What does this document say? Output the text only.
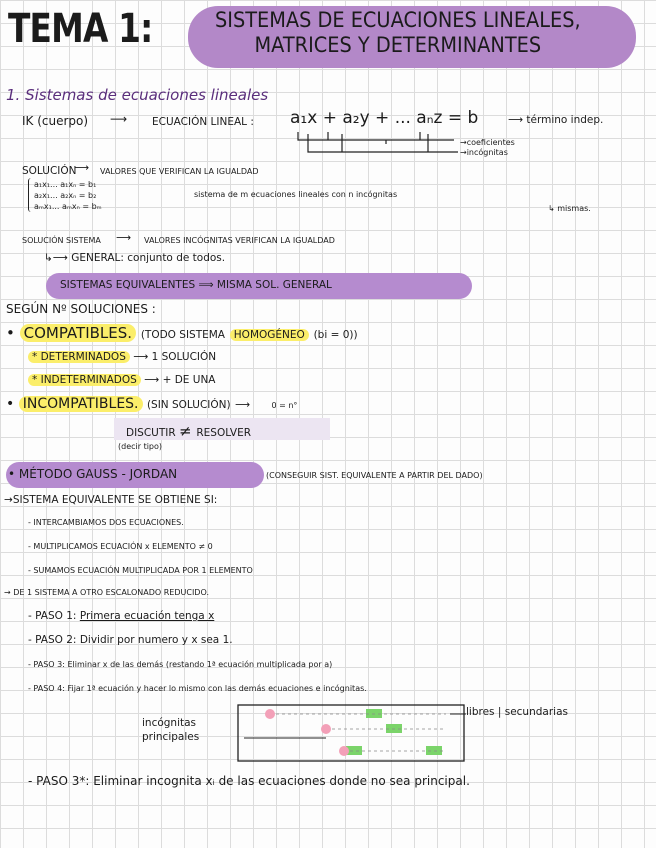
TEMA 1:	SISTEMAS DE ECUACIONES LINEALES,
MATRICES Y DETERMINANTES
1. Sistemas de ecuaciones lineales
IK (cuerpo) ⟶ ECUACIÓN LINEAL : a₁x + a₂y + ... aₙz = b	⟶ término indep.
→coeficientes
→incógnitas
SOLUCIÓN
⟶ VALORES QUE VERIFICAN LA IGUALDAD
a₁x₁... a₁xₙ = b₁
a₂x₁... a₂xₙ = b₂
aₘx₁... aₘxₙ = bₘ
sistema de m ecuaciones lineales con n incógnitas
↳ mismas.
SOLUCIÓN SISTEMA ⟶ VALORES INCÓGNITAS VERIFICAN LA IGUALDAD
↳⟶ GENERAL: conjunto de todos.
SISTEMAS EQUIVALENTES ⟹ MISMA SOL. GENERAL
SEGÚN Nº SOLUCIONES :
• COMPATIBLES. (TODO SISTEMA HOMOGÉNEO (bi = 0))
* DETERMINADOS ⟶ 1 SOLUCIÓN
* INDETERMINADOS ⟶ + DE UNA
• INCOMPATIBLES. (SIN SOLUCIÓN) ⟶ 0 = n°
DISCUTIR ≠ RESOLVER
(decir tipo)
• MÉTODO GAUSS - JORDAN	(CONSEGUIR SIST. EQUIVALENTE A PARTIR DEL DADO)
→SISTEMA EQUIVALENTE SE OBTIENE SI:
- INTERCAMBIAMOS DOS ECUACIONES.
- MULTIPLICAMOS ECUACIÓN x ELEMENTO ≠ 0
- SUMAMOS ECUACIÓN MULTIPLICADA POR 1 ELEMENTO
→ DE 1 SISTEMA A OTRO ESCALONADO REDUCIDO.
- PASO 1: Primera ecuación tenga x
- PASO 2: Dividir por numero y x sea 1.
- PASO 3: Eliminar x de las demás (restando 1ª ecuación multiplicada por a)
- PASO 4: Fijar 1ª ecuación y hacer lo mismo con las demás ecuaciones e incógnitas.
incógnitas principales
libres | secundarias
- PASO 3*: Eliminar incognita xᵢ de las ecuaciones donde no sea principal.
